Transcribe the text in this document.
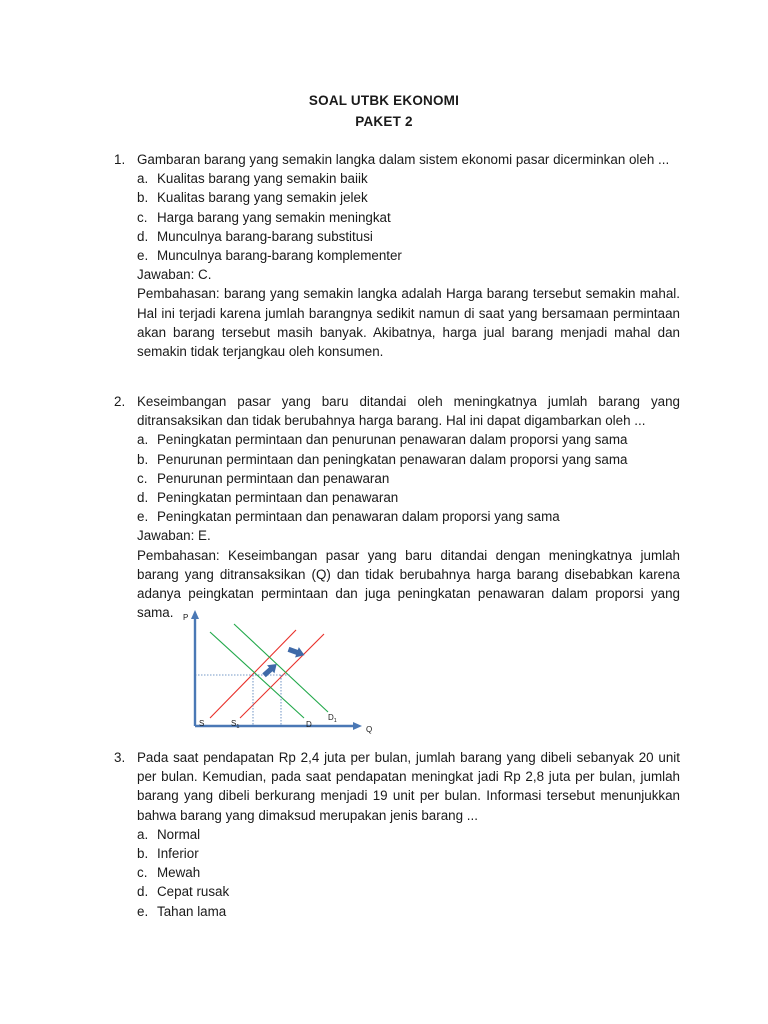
SOAL UTBK EKONOMI
PAKET 2
1. Gambaran barang yang semakin langka dalam sistem ekonomi pasar dicerminkan oleh ...
a. Kualitas barang yang semakin baiik
b. Kualitas barang yang semakin jelek
c. Harga barang yang semakin meningkat
d. Munculnya barang-barang substitusi
e. Munculnya barang-barang komplementer
Jawaban: C.
Pembahasan: barang yang semakin langka adalah Harga barang tersebut semakin mahal. Hal ini terjadi karena jumlah barangnya sedikit namun di saat yang bersamaan permintaan akan barang tersebut masih banyak. Akibatnya, harga jual barang menjadi mahal dan semakin tidak terjangkau oleh konsumen.
2. Keseimbangan pasar yang baru ditandai oleh meningkatnya jumlah barang yang ditransaksikan dan tidak berubahnya harga barang. Hal ini dapat digambarkan oleh ...
a. Peningkatan permintaan dan penurunan penawaran dalam proporsi yang sama
b. Penurunan permintaan dan peningkatan penawaran dalam proporsi yang sama
c. Penurunan permintaan dan penawaran
d. Peningkatan permintaan dan penawaran
e. Peningkatan permintaan dan penawaran dalam proporsi yang sama
Jawaban: E.
Pembahasan: Keseimbangan pasar yang baru ditandai dengan meningkatnya jumlah
barang yang ditransaksikan (Q) dan tidak berubahnya harga barang disebabkan karena
adanya peingkatan permintaan dan juga peningkatan penawaran dalam proporsi yang
sama.	P
Q
S	$S_1$	D
$D_1$
3. Pada saat pendapatan Rp 2,4 juta per bulan, jumlah barang yang dibeli sebanyak 20 unit per bulan. Kemudian, pada saat pendapatan meningkat jadi Rp 2,8 juta per bulan, jumlah barang yang dibeli berkurang menjadi 19 unit per bulan. Informasi tersebut menunjukkan bahwa barang yang dimaksud merupakan jenis barang ...
a. Normal
b. Inferior
c. Mewah
d. Cepat rusak
e. Tahan lama
